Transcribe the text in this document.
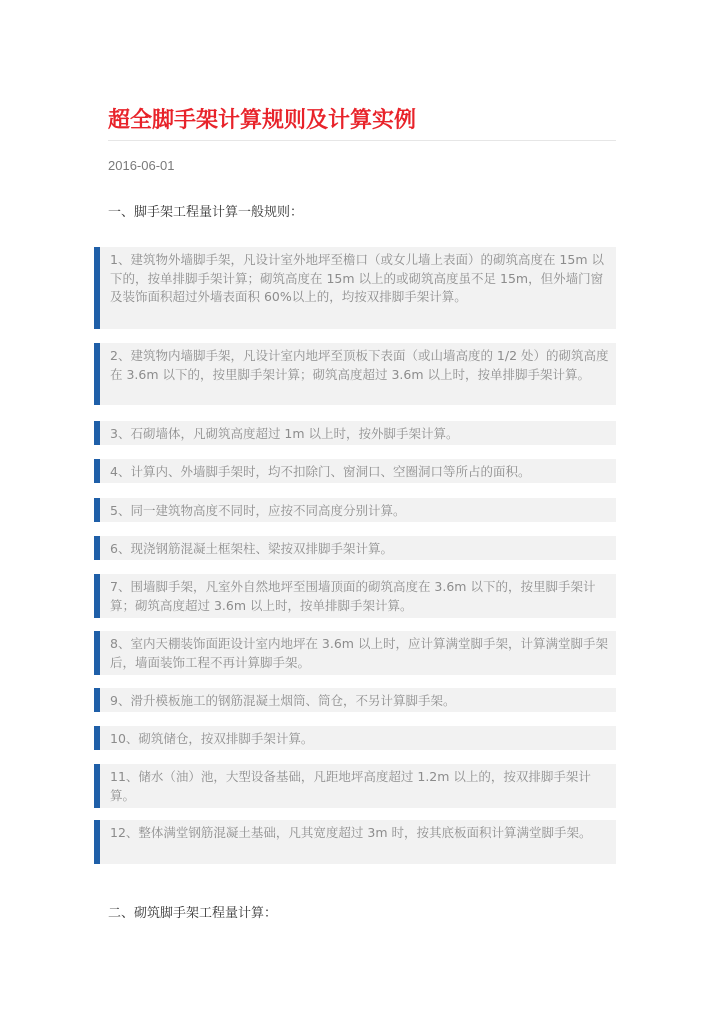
超全脚手架计算规则及计算实例
2016-06-01
一、脚手架工程量计算一般规则：
1、建筑物外墙脚手架，凡设计室外地坪至檐口（或女儿墙上表面）的砌筑高度在 15m 以下的，按单排脚手架计算；砌筑高度在 15m 以上的或砌筑高度虽不足 15m，但外墙门窗及装饰面积超过外墙表面积 60%以上的，均按双排脚手架计算。
2、建筑物内墙脚手架，凡设计室内地坪至顶板下表面（或山墙高度的 1/2 处）的砌筑高度在 3.6m 以下的，按里脚手架计算；砌筑高度超过 3.6m 以上时，按单排脚手架计算。
3、石砌墙体，凡砌筑高度超过 1m 以上时，按外脚手架计算。
4、计算内、外墙脚手架时，均不扣除门、窗洞口、空圈洞口等所占的面积。
5、同一建筑物高度不同时，应按不同高度分别计算。
6、现浇钢筋混凝土框架柱、梁按双排脚手架计算。
7、围墙脚手架，凡室外自然地坪至围墙顶面的砌筑高度在 3.6m 以下的，按里脚手架计算；砌筑高度超过 3.6m 以上时，按单排脚手架计算。
8、室内天棚装饰面距设计室内地坪在 3.6m 以上时，应计算满堂脚手架，计算满堂脚手架后，墙面装饰工程不再计算脚手架。
9、滑升模板施工的钢筋混凝土烟筒、筒仓，不另计算脚手架。
10、砌筑储仓，按双排脚手架计算。
11、储水（油）池，大型设备基础，凡距地坪高度超过 1.2m 以上的，按双排脚手架计算。
12、整体满堂钢筋混凝土基础，凡其宽度超过 3m 时，按其底板面积计算满堂脚手架。
二、砌筑脚手架工程量计算：
